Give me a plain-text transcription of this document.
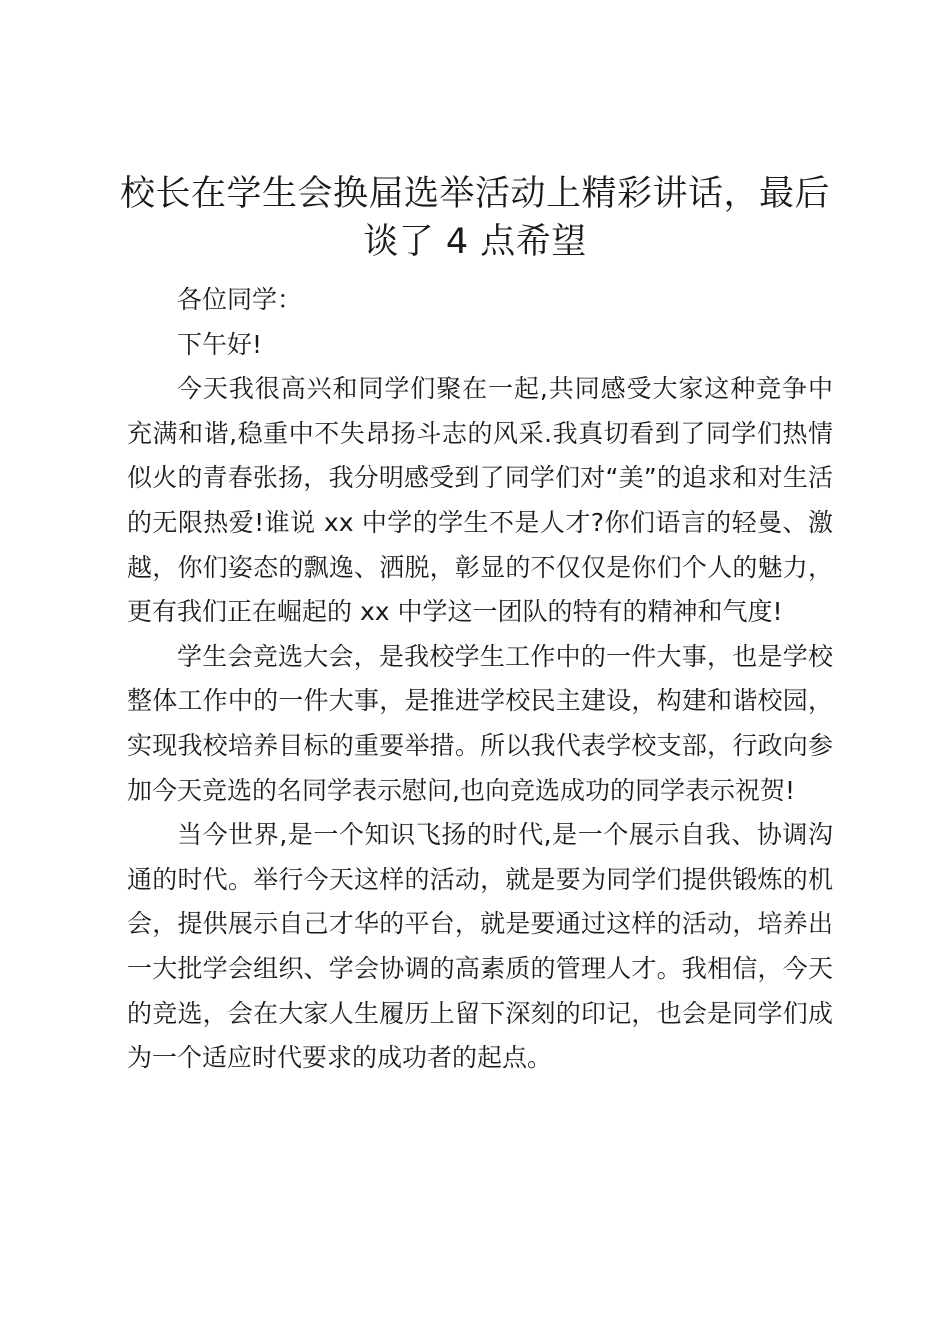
校长在学生会换届选举活动上精彩讲话，最后谈了 4 点希望

各位同学：

下午好!

今天我很高兴和同学们聚在一起,共同感受大家这种竞争中充满和谐,稳重中不失昂扬斗志的风采.我真切看到了同学们热情似火的青春张扬，我分明感受到了同学们对“美”的追求和对生活的无限热爱!谁说 xx 中学的学生不是人才?你们语言的轻曼、激越，你们姿态的飘逸、洒脱，彰显的不仅仅是你们个人的魅力，更有我们正在崛起的 xx 中学这一团队的特有的精神和气度!

学生会竞选大会，是我校学生工作中的一件大事，也是学校整体工作中的一件大事，是推进学校民主建设，构建和谐校园，实现我校培养目标的重要举措。所以我代表学校支部，行政向参加今天竞选的名同学表示慰问,也向竞选成功的同学表示祝贺!

当今世界,是一个知识飞扬的时代,是一个展示自我、协调沟通的时代。举行今天这样的活动，就是要为同学们提供锻炼的机会，提供展示自己才华的平台，就是要通过这样的活动，培养出一大批学会组织、学会协调的高素质的管理人才。我相信，今天的竞选，会在大家人生履历上留下深刻的印记，也会是同学们成为一个适应时代要求的成功者的起点。
